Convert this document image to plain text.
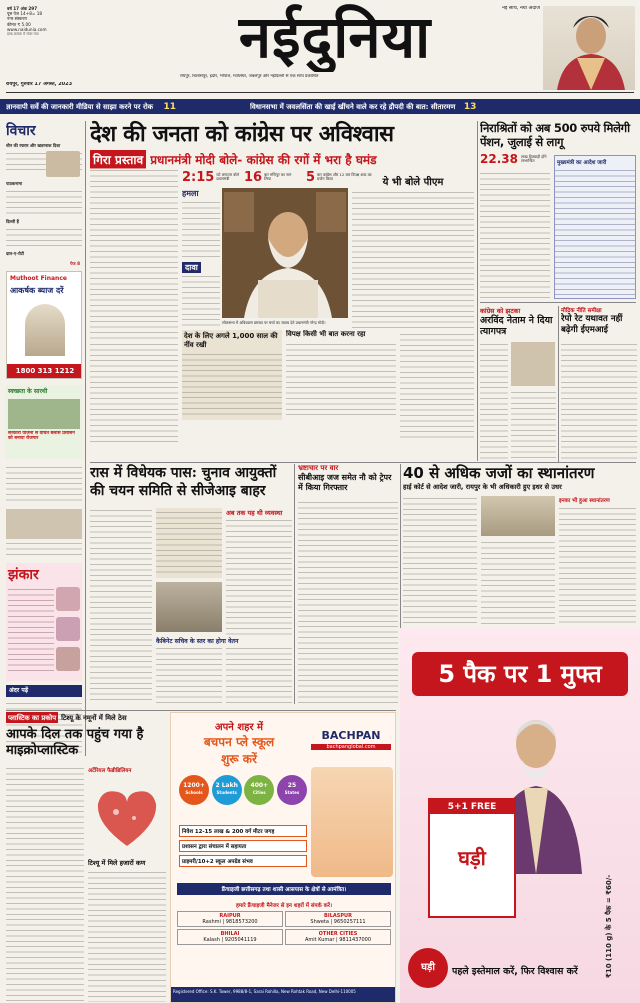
वर्ष 17 अंक 297
पूस पेज 14+8= 18
नगर संस्करण
कीमत ₹ 5.00
www.naidunia.com
डाक-कारक में भेजा गया	नईदुनिया	नई सोच, नया अंदाज
रायपुर, बिलासपुर, इंदौर, भोपाल, ग्वालियर, जबलपुर और नईदिल्ली से एक साथ प्रकाशित
रायपुर, गुरुवार 17 अगस्त, 2023
ज्ञानवापी सर्वे की जानकारी मीडिया से साझा करने पर रोक 11	विधानसभा में जवलसिंता की खाई खींचने वाले कर रहे द्रौपदी की बात: सीतारमण 13
विचार
चीन की रफ्तार और खतरनाक दिशा
पाठकनामा
दिल्ली हैं
दाल-ए-रोटी
पेज 8
Muthoot Finance
आकर्षक ब्याज दरें
1800 313 1212
स्वच्छता के सारथी
सरकारी योजना से वंचित बलीसे प्रशासन को बनाया रोजगार
झंकार
अंदर पढ़ें
देश की जनता को कांग्रेस पर अविश्वास
गिरा प्रस्ताव प्रधानमंत्री मोदी बोले- कांग्रेस की रगों में भरा है घमंड
2:15 घंटे लगातार बोले प्रधानमंत्री	16 बार मणिपुर का नाम लिया	5 बार कांग्रेस और 12 बार विपक्ष शब्द का प्रयोग किया
हमला
दावा
लोकसभा में अविश्वास प्रस्ताव पर चर्चा का जवाब देते प्रधानमंत्री नरेन्द्र मोदी।
ये भी बोले पीएम
देश के लिए अगले 1,000 साल की नींव रखी
विपक्ष किसी भी बात करना रहा
निराश्रितों को अब 500 रुपये मिलेगी पेंशन, जुलाई से लागू
22.38 लाख हितग्राही होंगे लाभान्वित	मुख्यमंत्री का आदेश जारी
कांग्रेस को झटका
अरविंद नेताम ने दिया त्यागपत्र
मौद्रिक नीति समीक्षा
रेपो रेट यथावत नहीं बढ़ेगी ईएमआई
रास में विधेयक पास: चुनाव आयुक्तों की चयन समिति से सीजेआइ बाहर
कैबिनेट सचिव के स्तर का होगा वेतन
अब तक यह थी व्यवस्था
भ्रष्टाचार पर वार
सीबीआइ जज समेत नौ को ट्रेपर में किया गिरफ्तार
40 से अधिक जजों का स्थानांतरण
हाई कोर्ट से आदेश जारी, रायपुर के भी अधिकारी हुए इधर से उधर
इनका भी हुआ स्थानांतरण
5 पैक पर 1 मुफ्त
5+1 FREE
घड़ी
₹10 (110 g) के 5 पैक = ₹60/-
घड़ी	पहले इस्तेमाल करें, फिर विश्वास करें
प्लास्टिक का प्रकोप टिश्यू के नमूनों में मिले ठेस
आपके दिल तक पहुंच गया है माइक्रोप्लास्टिक
अर्टेरियल फैब्रीब्रिलियन
टिश्यू में मिले हजारों कण
अपने शहर में
बचपन प्ले स्कूल
शुरू करें
BACHPAN
bachpanglobal.com
1200+
Schools
2 Lakh
Students
400+
Cities
25
States
निवेश 12-15 लाख & 200 वर्ग मीटर जगह
प्रशासन द्वारा संचालन में सहायता
प्राइमरी/10+2 स्कूल अपग्रेड संभव
फ्रैंचाइजी छत्तीसगढ़ तथा शासी आसपास के क्षेत्रों से आमंत्रित।
हमारे फ्रैंचाइजी मैनेजर से इन शहरों में संपर्क करें।
RAIPUR
Rashmi | 9818573200
BILASPUR
Shweta | 9650257111
BHILAI
Kalash | 9205041119
OTHER CITIES
Amit Kumar | 9811437000
Registered Office: S.K. Tower, 9988/8-1, Sarai Rohilla, New Rohtak Road, New Delhi-110005
